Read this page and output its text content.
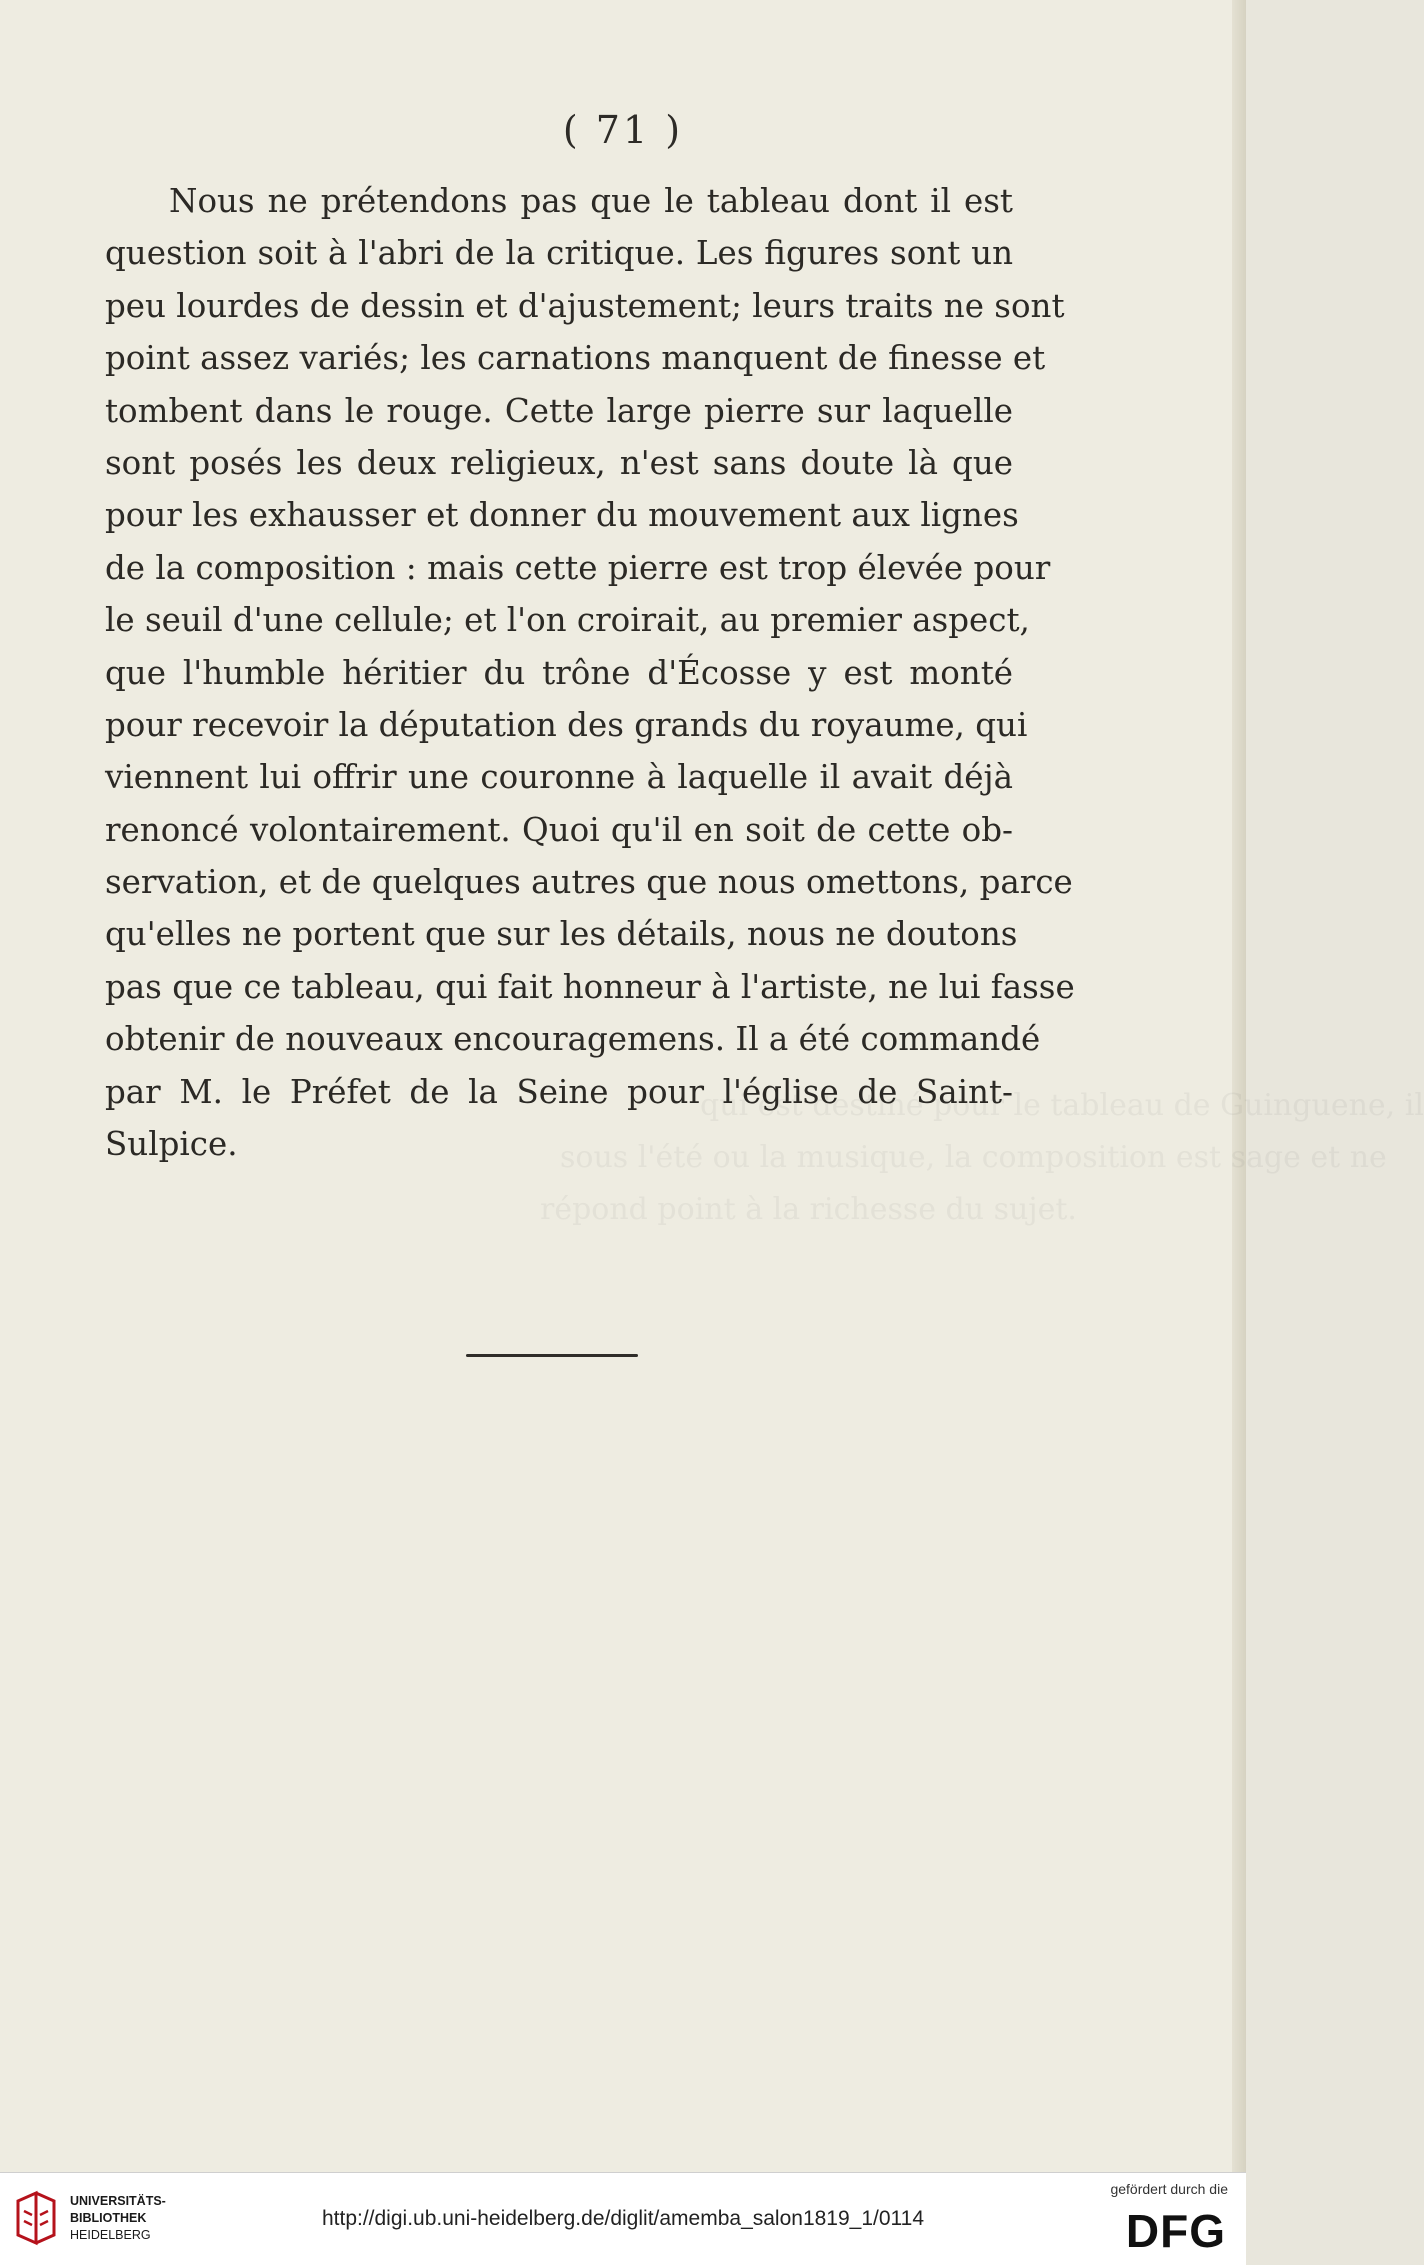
qui est destiné pour le tableau de Guinguene, il
sous l'été ou la musique, la composition est sage et ne
répond point à la richesse du sujet.
( 71 )
Nous ne prétendons pas que le tableau dont il est
question soit à l'abri de la critique. Les figures sont un
peu lourdes de dessin et d'ajustement; leurs traits ne sont
point assez variés; les carnations manquent de finesse et
tombent dans le rouge. Cette large pierre sur laquelle
sont posés les deux religieux, n'est sans doute là que
pour les exhausser et donner du mouvement aux lignes
de la composition : mais cette pierre est trop élevée pour
le seuil d'une cellule; et l'on croirait, au premier aspect,
que l'humble héritier du trône d'Écosse y est monté
pour recevoir la députation des grands du royaume, qui
viennent lui offrir une couronne à laquelle il avait déjà
renoncé volontairement. Quoi qu'il en soit de cette ob-
servation, et de quelques autres que nous omettons, parce
qu'elles ne portent que sur les détails, nous ne doutons
pas que ce tableau, qui fait honneur à l'artiste, ne lui fasse
obtenir de nouveaux encouragemens. Il a été commandé
par M. le Préfet de la Seine pour l'église de Saint-
Sulpice.
UNIVERSITÄTS-
BIBLIOTHEK
HEIDELBERG
http://digi.ub.uni-heidelberg.de/diglit/amemba_salon1819_1/0114
gefördert durch die
DFG
